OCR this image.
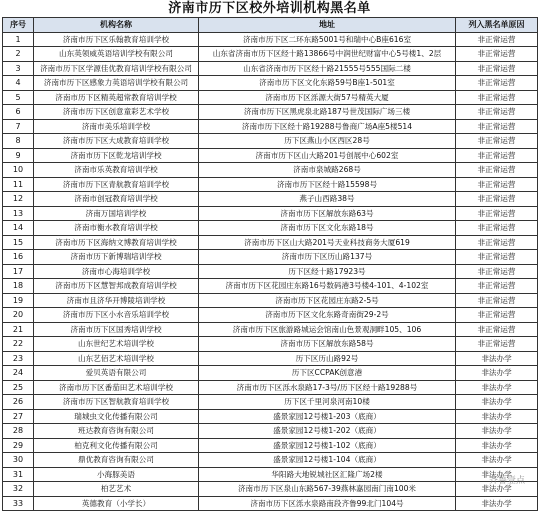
济南市历下区校外培训机构黑名单
序号	机构名称	地址	列入黑名单原因
1	济南市历下区乐翰教育培训学校	济南市历下区二环东路5001号和瑞中心B座616室	非正常运营
2	山东英领威英语培训学校有限公司	山东省济南市历下区经十路13866号中润世纪财富中心5号楼1、2层	非正常运营
3	济南市历下区学源佳优教育培训学校有限公司	山东省济南市历下区经十路21555号555国际二楼	非正常运营
4	济南市历下区感象力英语培训学校有限公司	济南市历下区文化东路59号B座1-501室	非正常运营
5	济南市历下区精英超常教育培训学校	济南市历下区泺源大街57号精英大厦	非正常运营
6	济南市历下区创意童彩艺术学校	济南市历下区黑虎泉北路187号世茂国际广场三楼	非正常运营
7	济南市美乐培训学校	济南市历下区经十路19288号鲁商广场A座5楼514	非正常运营
8	济南市历下区大成教育培训学校	历下区燕山小区西区28号	非正常运营
9	济南市历下区乾龙培训学校	济南市历下区山大路201号创展中心602室	非正常运营
10	济南市乐英教育培训学校	济南市泉城路268号	非正常运营
11	济南市历下区青航教育培训学校	济南市历下区经十路15598号	非正常运营
12	济南市创冠教育培训学校	燕子山西路38号	非正常运营
13	济南万国培训学校	济南市历下区解放东路63号	非正常运营
14	济南市衡水教育培训学校	济南市历下区文化东路18号	非正常运营
15	济南市历下区海纳文博教育培训学校	济南市历下区山大路201号天业科技商务大厦619	非正常运营
16	济南市历下新博瑞培训学校	济南市历下区历山路137号	非正常运营
17	济南市心海培训学校	历下区经十路17923号	非正常运营
18	济南市历下区慧智邦成教育培训学校	济南市历下区花园庄东路16号数码港3号楼4-101、4-102室	非正常运营
19	济南市且济华开博陵培训学校	济南市历下区花园庄东路2-5号	非正常运营
20	济南市历下区小水音乐培训学校	济南市历下区文化东路奇南街29-2号	非正常运营
21	济南市历下区国秀培训学校	济南市历下区旅游路城运会馆南山色景观洞畔105、106	非正常运营
22	山东世纪艺术培训学校	济南市历下区解放东路58号	非正常运营
23	山东艺佰艺术培训学校	历下区历山路92号	非法办学
24	爱贝英语有限公司	历下区CCPAK创意港	非法办学
25	济南市历下区番茄田艺术培训学校	济南市历下区泺水泉路17-3号/历下区经十路19288号	非法办学
26	济南市历下区智航教育培训学校	历下区千里河泉河南10楼	非法办学
27	瑞城虫文化传播有限公司	盛景家园12号楼1-203（底商）	非法办学
28	班达教育咨询有限公司	盛景家园12号楼1-202（底商）	非法办学
29	柏克利文化传播有限公司	盛景家园12号楼1-102（底商）	非法办学
30	鼎优教育咨询有限公司	盛景家园12号楼1-104（底商）	非法办学
31	小海豚美语	华阳路大地锐城社区汇隆广场2楼	非法办学
32	柏艺艺术	济南市历下区泉山东路567-39燕林嘉园南门南100米	非法办学
33	英德教育（小学长）	济南市历下区泺水泉路南段齐鲁99北门104号	非法办学
齐鲁壹点
